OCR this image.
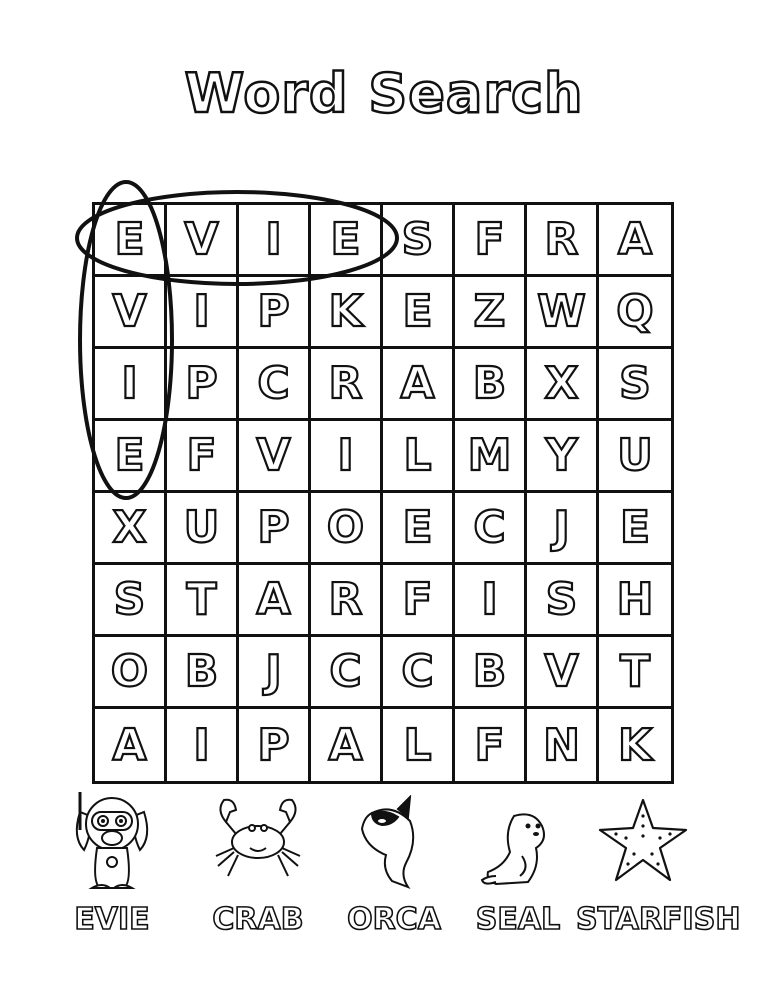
Word Search
E V	I	E S F R A
V	I	P K E Z W Q
I	P C R A B X S
E F V	I	L M Y U
X U P O E C	J	E
S T A R F	I	S H
O B	J	C C B V T
A	I	P A L F N K
EVIE	CRAB	ORCA	SEAL STARFISH
